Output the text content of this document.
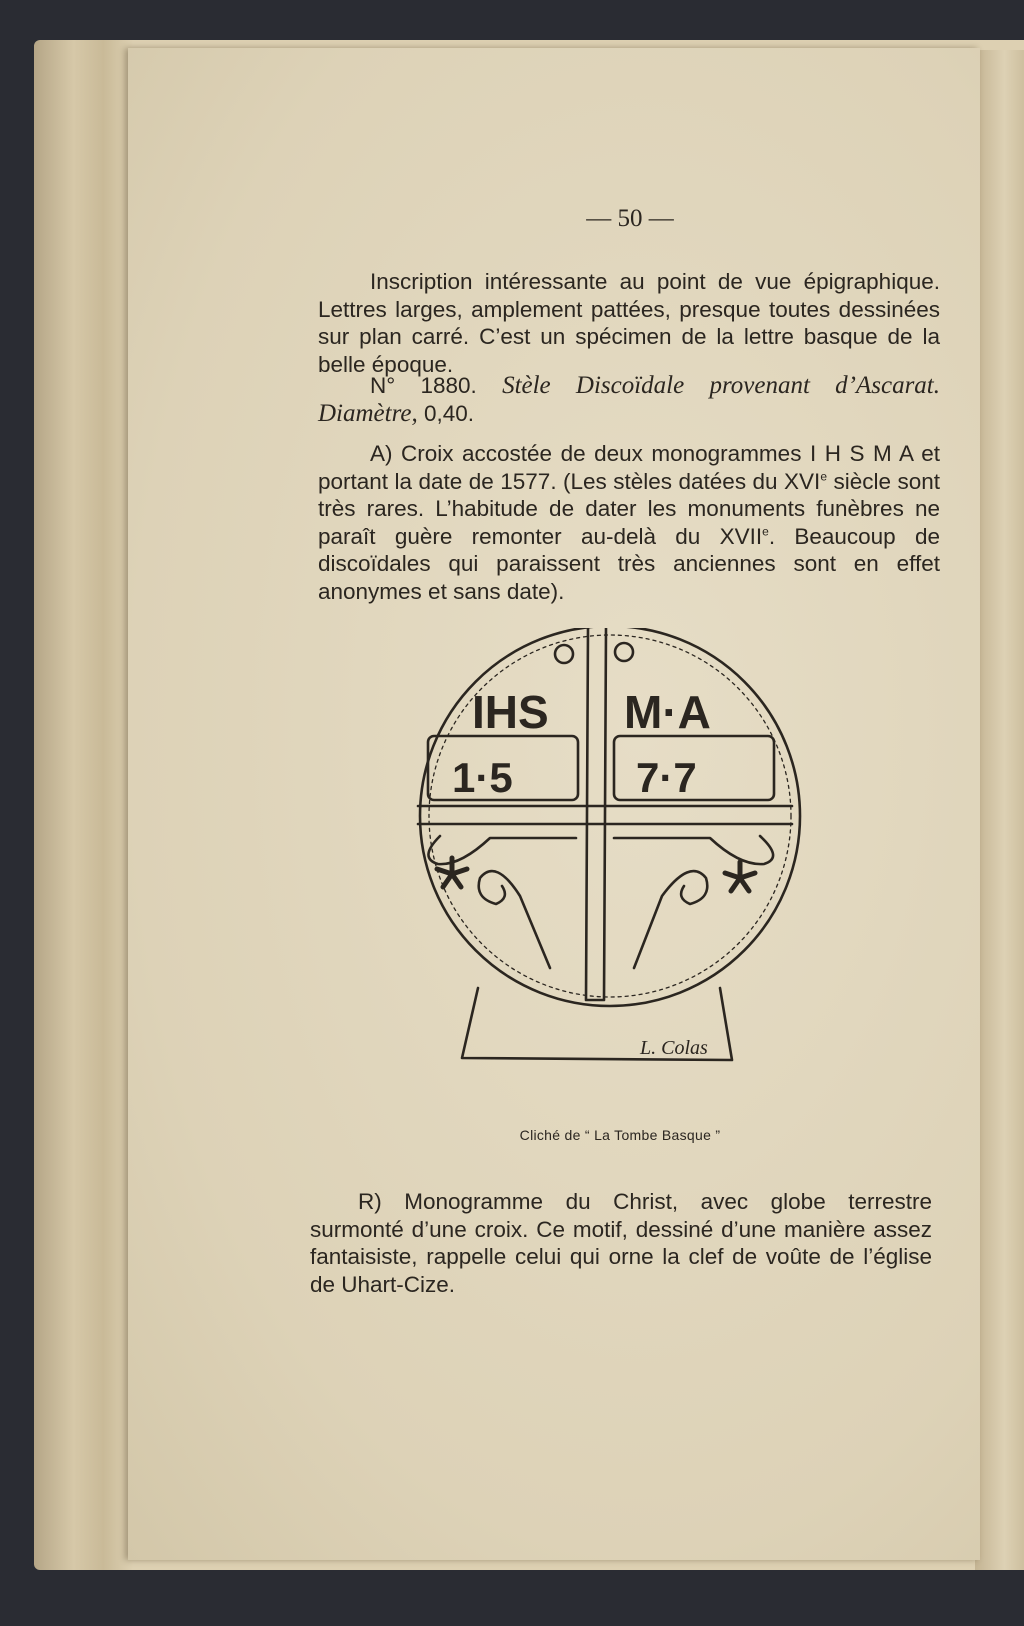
— 50 —
Inscription intéressante au point de vue épigraphique. Lettres larges, amplement pattées, presque toutes dessinées sur plan carré. C’est un spécimen de la lettre basque de la belle époque.
N° 1880. Stèle Discoïdale provenant d’Ascarat. Diamètre, 0,40.
A) Croix accostée de deux monogrammes I H S M A et portant la date de 1577. (Les stèles datées du XVIe siècle sont très rares. L’habitude de dater les monuments funèbres ne paraît guère remonter au-delà du XVIIe. Beaucoup de discoïdales qui paraissent très anciennes sont en effet anonymes et sans date).
IHS M·A
1·5	7·7
L. Colas
Cliché de “ La Tombe Basque ”
R) Monogramme du Christ, avec globe terrestre surmonté d’une croix. Ce motif, dessiné d’une manière assez fantaisiste, rappelle celui qui orne la clef de voûte de l’église de Uhart-Cize.
